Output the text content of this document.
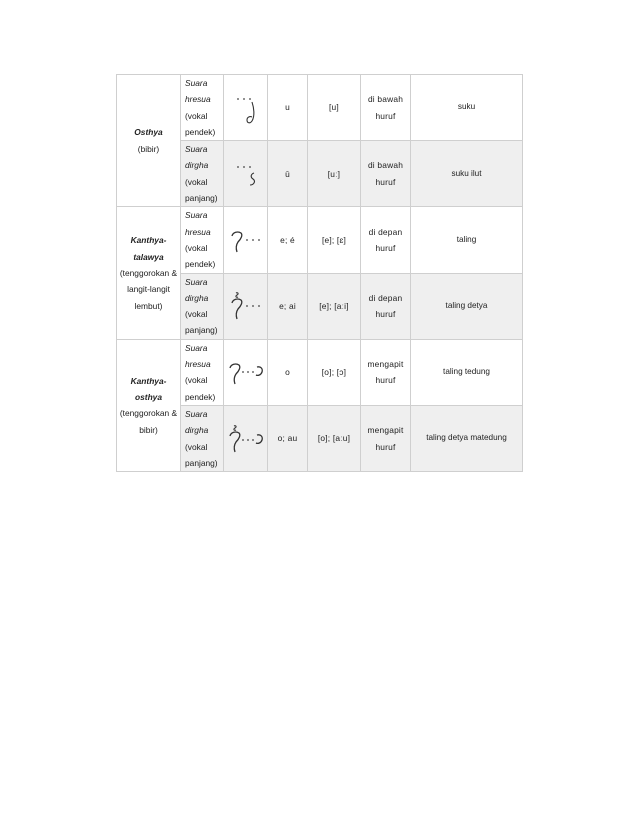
Osthya
(bibir)	Suara
hresua
(vokal
pendek)		u	[u]	di bawah
huruf	suku

	Suara
dirgha
(vokal
panjang)		ū	[uː]	di bawah
huruf	suku ilut

Kanthya-talawya
(tenggorokan & langit-langit lembut)	Suara
hresua
(vokal
pendek)		e; é	[e]; [ɛ]	di depan
huruf	taling

	Suara
dirgha
(vokal
panjang)		e; ai	[e]; [aːi]	di depan
huruf	taling detya

Kanthya-osthya
(tenggorokan & bibir)	Suara
hresua
(vokal
pendek)		o	[o]; [ɔ]	mengapit
huruf	taling tedung

	Suara
dirgha
(vokal
panjang)		o; au	[o]; [aːu]	mengapit
huruf	taling detya matedung
